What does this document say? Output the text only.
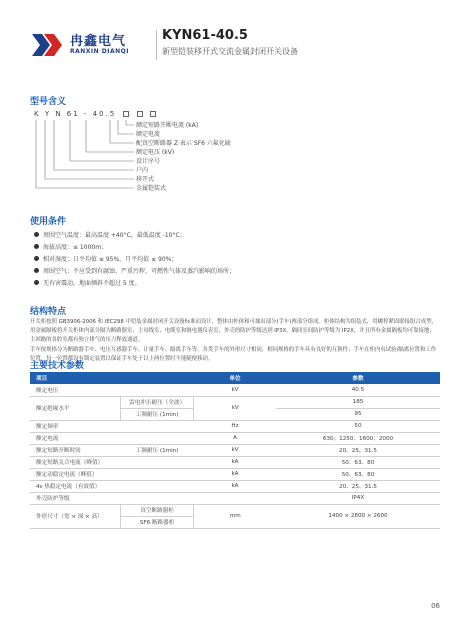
冉鑫电气
RANXIN DIANQI
KYN61-40.5
新型铠装移开式交流金属封闭开关设备
型号含义
K Y N 61 - 40.5
额定短路开断电流 (kA)
额定电流
配真空断路器 Z 表示 SF6 六氟化硫
额定电压 (kV)
设计序号
户内
移开式
金属铠装式
使用条件
周围空气温度：最高温度 +40°C，最低温度 -10°C；
海拔高度：≤ 1000m；
相对湿度：日平均值 ≤ 95%，月平均值 ≤ 90%；
周围空气：不应受到有腐蚀、严重污秽，可燃性气体及蒸汽影响的场所；
无有害震动，地面倾斜不超过 5 度。
结构特点
开关柜按照 GB3906-2006 和 IEC298 中铠装金属封闭开关设备标准而设计，整体由柜体和可抽出部分(手车)两部分组成。柜体结构为组装式，用螺栓紧固联接组合成型，用金属隔板将开关柜体内部分隔为断路器室、主母线室、电缆室和继电器仪表室，外壳的防护等级达到 IP3X，隔间室间防护等级为 IP2X，并且所有金属隔板均可靠接地；主回路的各腔室都有独立排气的压力释放通道。
手车按规格分为断路器手车、电压互感器手车、计量手车、隔离手车等，各类手车的外形尺寸相同，相同规格的手车具有良好的互换性；手车在柜内有试验/隔离位置和工作位置，每一位置都设有锁定装置以保证手车处于以上两位置时不能随便移动。
主要技术参数
项目		单位	参数
额定电压		kV	40.5
额定绝缘水平	雷电冲击耐压（全波）	kV	185
	工频耐压 (1min)		95
额定频率		Hz	50
额定电流		A	630；1250；1600；2000
额定短路开断时间	工频耐压 (1min)	kV	20、25、31.5
额定短路关合电流（峰值）		kA	50、63、80
额定动稳定电流（峰值）		kA	50、63、80
4s 热稳定电流（有效值）		kA	20、25、31.5
外壳防护等级			IP4X
外形尺寸（宽 × 深 × 高）	真空断路器柜	mm	1400 × 2800 × 2600
	SF6 断路器柜		
06
